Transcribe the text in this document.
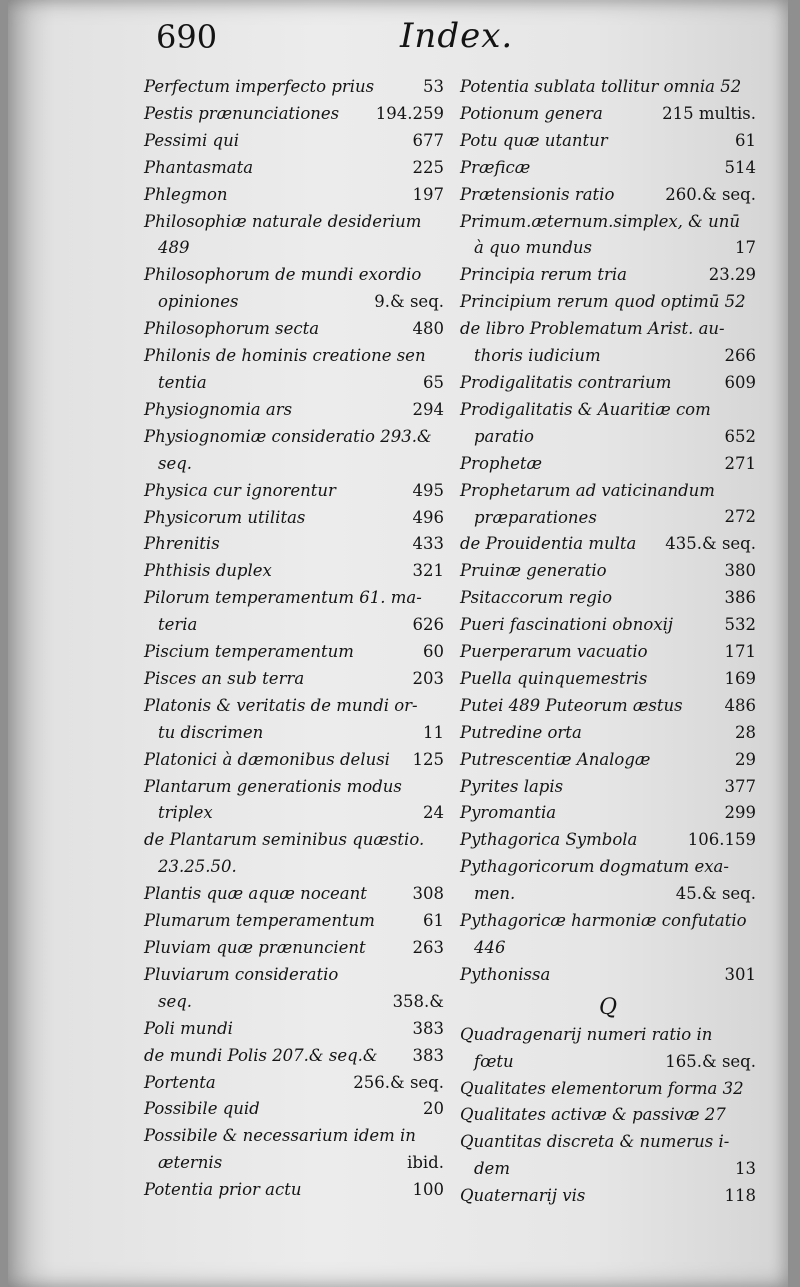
690	Index.
Perfectum imperfecto prius	53
Pestis prænunciationes	194.259
Pessimi qui	677
Phantasmata	225
Phlegmon	197
Philosophiæ naturale desiderium
489
Philosophorum de mundi exordio
opiniones	9.& seq.
Philosophorum secta	480
Philonis de hominis creatione sen
tentia	65
Physiognomia ars	294
Physiognomiæ consideratio 293.&
seq.
Physica cur ignorentur	495
Physicorum utilitas	496
Phrenitis	433
Phthisis duplex	321
Pilorum temperamentum 61. ma-
teria	626
Piscium temperamentum	60
Pisces an sub terra	203
Platonis & veritatis de mundi or-
tu discrimen	11
Platonici à dæmonibus delusi	125
Plantarum generationis modus
triplex	24
de Plantarum seminibus quæstio.
23.25.50.
Plantis quæ aquæ noceant	308
Plumarum temperamentum	61
Pluviam quæ prænuncient	263
Pluviarum consideratio
seq.	358.&
Poli mundi	383
de mundi Polis 207.& seq.&	383
Portenta	256.& seq.
Possibile quid	20
Possibile & necessarium idem in
æternis	ibid.
Potentia prior actu	100
Potentia sublata tollitur omnia 52
Potionum genera	215 multis.
Potu quæ utantur	61
Præficæ	514
Prætensionis ratio	260.& seq.
Primum.æternum.simplex, & unū
à quo mundus	17
Principia rerum tria	23.29
Principium rerum quod optimū 52
de libro Problematum Arist. au-
thoris iudicium	266
Prodigalitatis contrarium	609
Prodigalitatis & Auaritiæ com
paratio	652
Prophetæ	271
Prophetarum ad vaticinandum
præparationes	272
de Prouidentia multa	435.& seq.
Pruinæ generatio	380
Psitaccorum regio	386
Pueri fascinationi obnoxij	532
Puerperarum vacuatio	171
Puella quinquemestris	169
Putei 489 Puteorum æstus	486
Putredine orta	28
Putrescentiæ Analogæ	29
Pyrites lapis	377
Pyromantia	299
Pythagorica Symbola	106.159
Pythagoricorum dogmatum exa-
men.	45.& seq.
Pythagoricæ harmoniæ confutatio
446
Pythonissa	301
Q
Quadragenarij numeri ratio in
fœtu	165.& seq.
Qualitates elementorum forma 32
Qualitates activæ & passivæ 27
Quantitas discreta & numerus i-
dem	13
Quaternarij vis	118
